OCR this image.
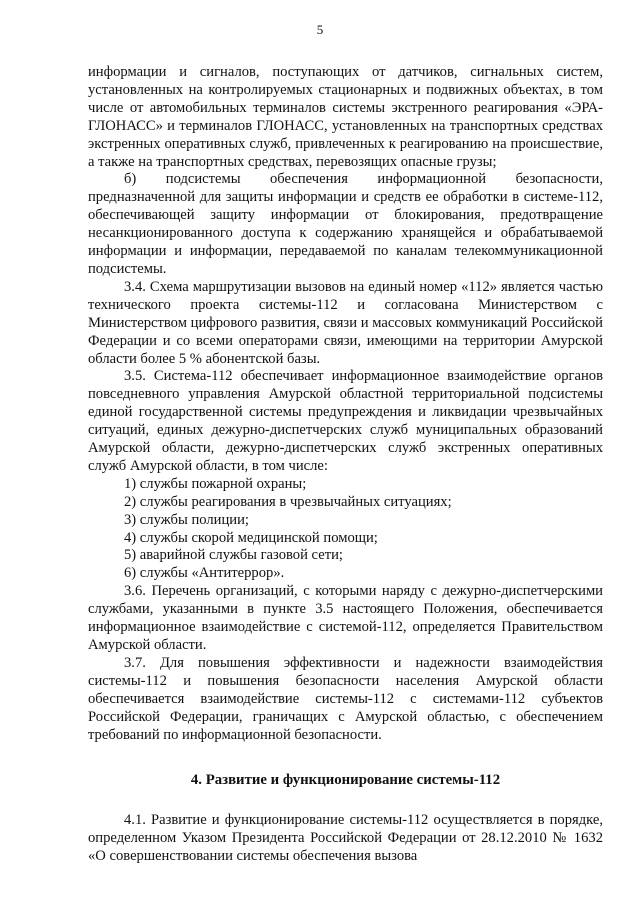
5

информации и сигналов, поступающих от датчиков, сигнальных систем, установленных на контролируемых стационарных и подвижных объектах, в том числе от автомобильных терминалов системы экстренного реагирования «ЭРА-ГЛОНАСС» и терминалов ГЛОНАСС, установленных на транспортных средствах экстренных оперативных служб, привлеченных к реагированию на происшествие, а также на транспортных средствах, перевозящих опасные грузы;

б) подсистемы обеспечения информационной безопасности, предназначенной для защиты информации и средств ее обработки в системе-112, обеспечивающей защиту информации от блокирования, предотвращение несанкционированного доступа к содержанию хранящейся и обрабатываемой информации и информации, передаваемой по каналам телекоммуникационной подсистемы.

3.4. Схема маршрутизации вызовов на единый номер «112» является частью технического проекта системы-112 и согласована Министерством с Министерством цифрового развития, связи и массовых коммуникаций Российской Федерации и со всеми операторами связи, имеющими на территории Амурской области более 5 % абонентской базы.

3.5. Система-112 обеспечивает информационное взаимодействие органов повседневного управления Амурской областной территориальной подсистемы единой государственной системы предупреждения и ликвидации чрезвычайных ситуаций, единых дежурно-диспетчерских служб муниципальных образований Амурской области, дежурно-диспетчерских служб экстренных оперативных служб Амурской области, в том числе:

1) службы пожарной охраны;

2) службы реагирования в чрезвычайных ситуациях;

3) службы полиции;

4) службы скорой медицинской помощи;

5) аварийной службы газовой сети;

6) службы «Антитеррор».

3.6. Перечень организаций, с которыми наряду с дежурно-диспетчерскими службами, указанными в пункте 3.5 настоящего Положения, обеспечивается информационное взаимодействие с системой-112, определяется Правительством Амурской области.

3.7. Для повышения эффективности и надежности взаимодействия системы-112 и повышения безопасности населения Амурской области обеспечивается взаимодействие системы-112 с системами-112 субъектов Российской Федерации, граничащих с Амурской областью, с обеспечением требований по информационной безопасности.

4. Развитие и функционирование системы-112

4.1. Развитие и функционирование системы-112 осуществляется в порядке, определенном Указом Президента Российской Федерации от 28.12.2010 № 1632 «О совершенствовании системы обеспечения вызова
